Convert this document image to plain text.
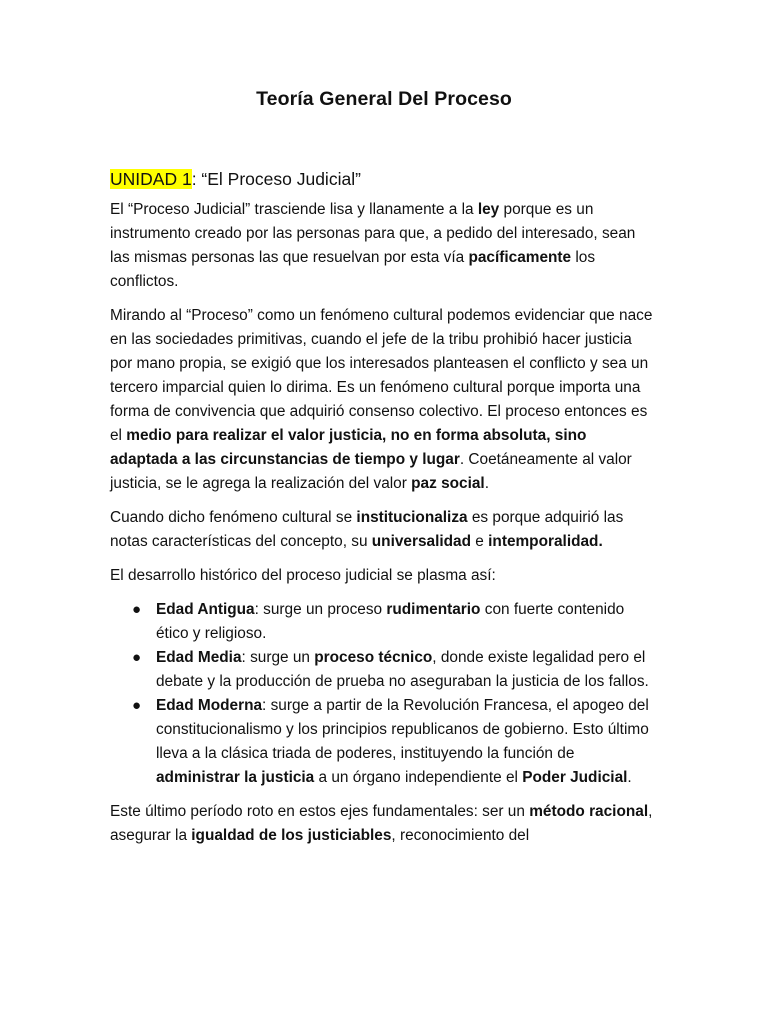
Teoría General Del Proceso
UNIDAD 1: “El Proceso Judicial”

El “Proceso Judicial” trasciende lisa y llanamente a la ley porque es un instrumento creado por las personas para que, a pedido del interesado, sean las mismas personas las que resuelvan por esta vía pacíficamente los conflictos.

Mirando al “Proceso” como un fenómeno cultural podemos evidenciar que nace en las sociedades primitivas, cuando el jefe de la tribu prohibió hacer justicia por mano propia, se exigió que los interesados planteasen el conflicto y sea un tercero imparcial quien lo dirima. Es un fenómeno cultural porque importa una forma de convivencia que adquirió consenso colectivo. El proceso entonces es el medio para realizar el valor justicia, no en forma absoluta, sino adaptada a las circunstancias de tiempo y lugar. Coetáneamente al valor justicia, se le agrega la realización del valor paz social.

Cuando dicho fenómeno cultural se institucionaliza es porque adquirió las notas características del concepto, su universalidad e intemporalidad.

El desarrollo histórico del proceso judicial se plasma así:

● Edad Antigua: surge un proceso rudimentario con fuerte contenido ético y religioso.
● Edad Media: surge un proceso técnico, donde existe legalidad pero el debate y la producción de prueba no aseguraban la justicia de los fallos.
● Edad Moderna: surge a partir de la Revolución Francesa, el apogeo del constitucionalismo y los principios republicanos de gobierno. Esto último lleva a la clásica triada de poderes, instituyendo la función de administrar la justicia a un órgano independiente el Poder Judicial.

Este último período roto en estos ejes fundamentales: ser un método racional, asegurar la igualdad de los justiciables, reconocimiento del
